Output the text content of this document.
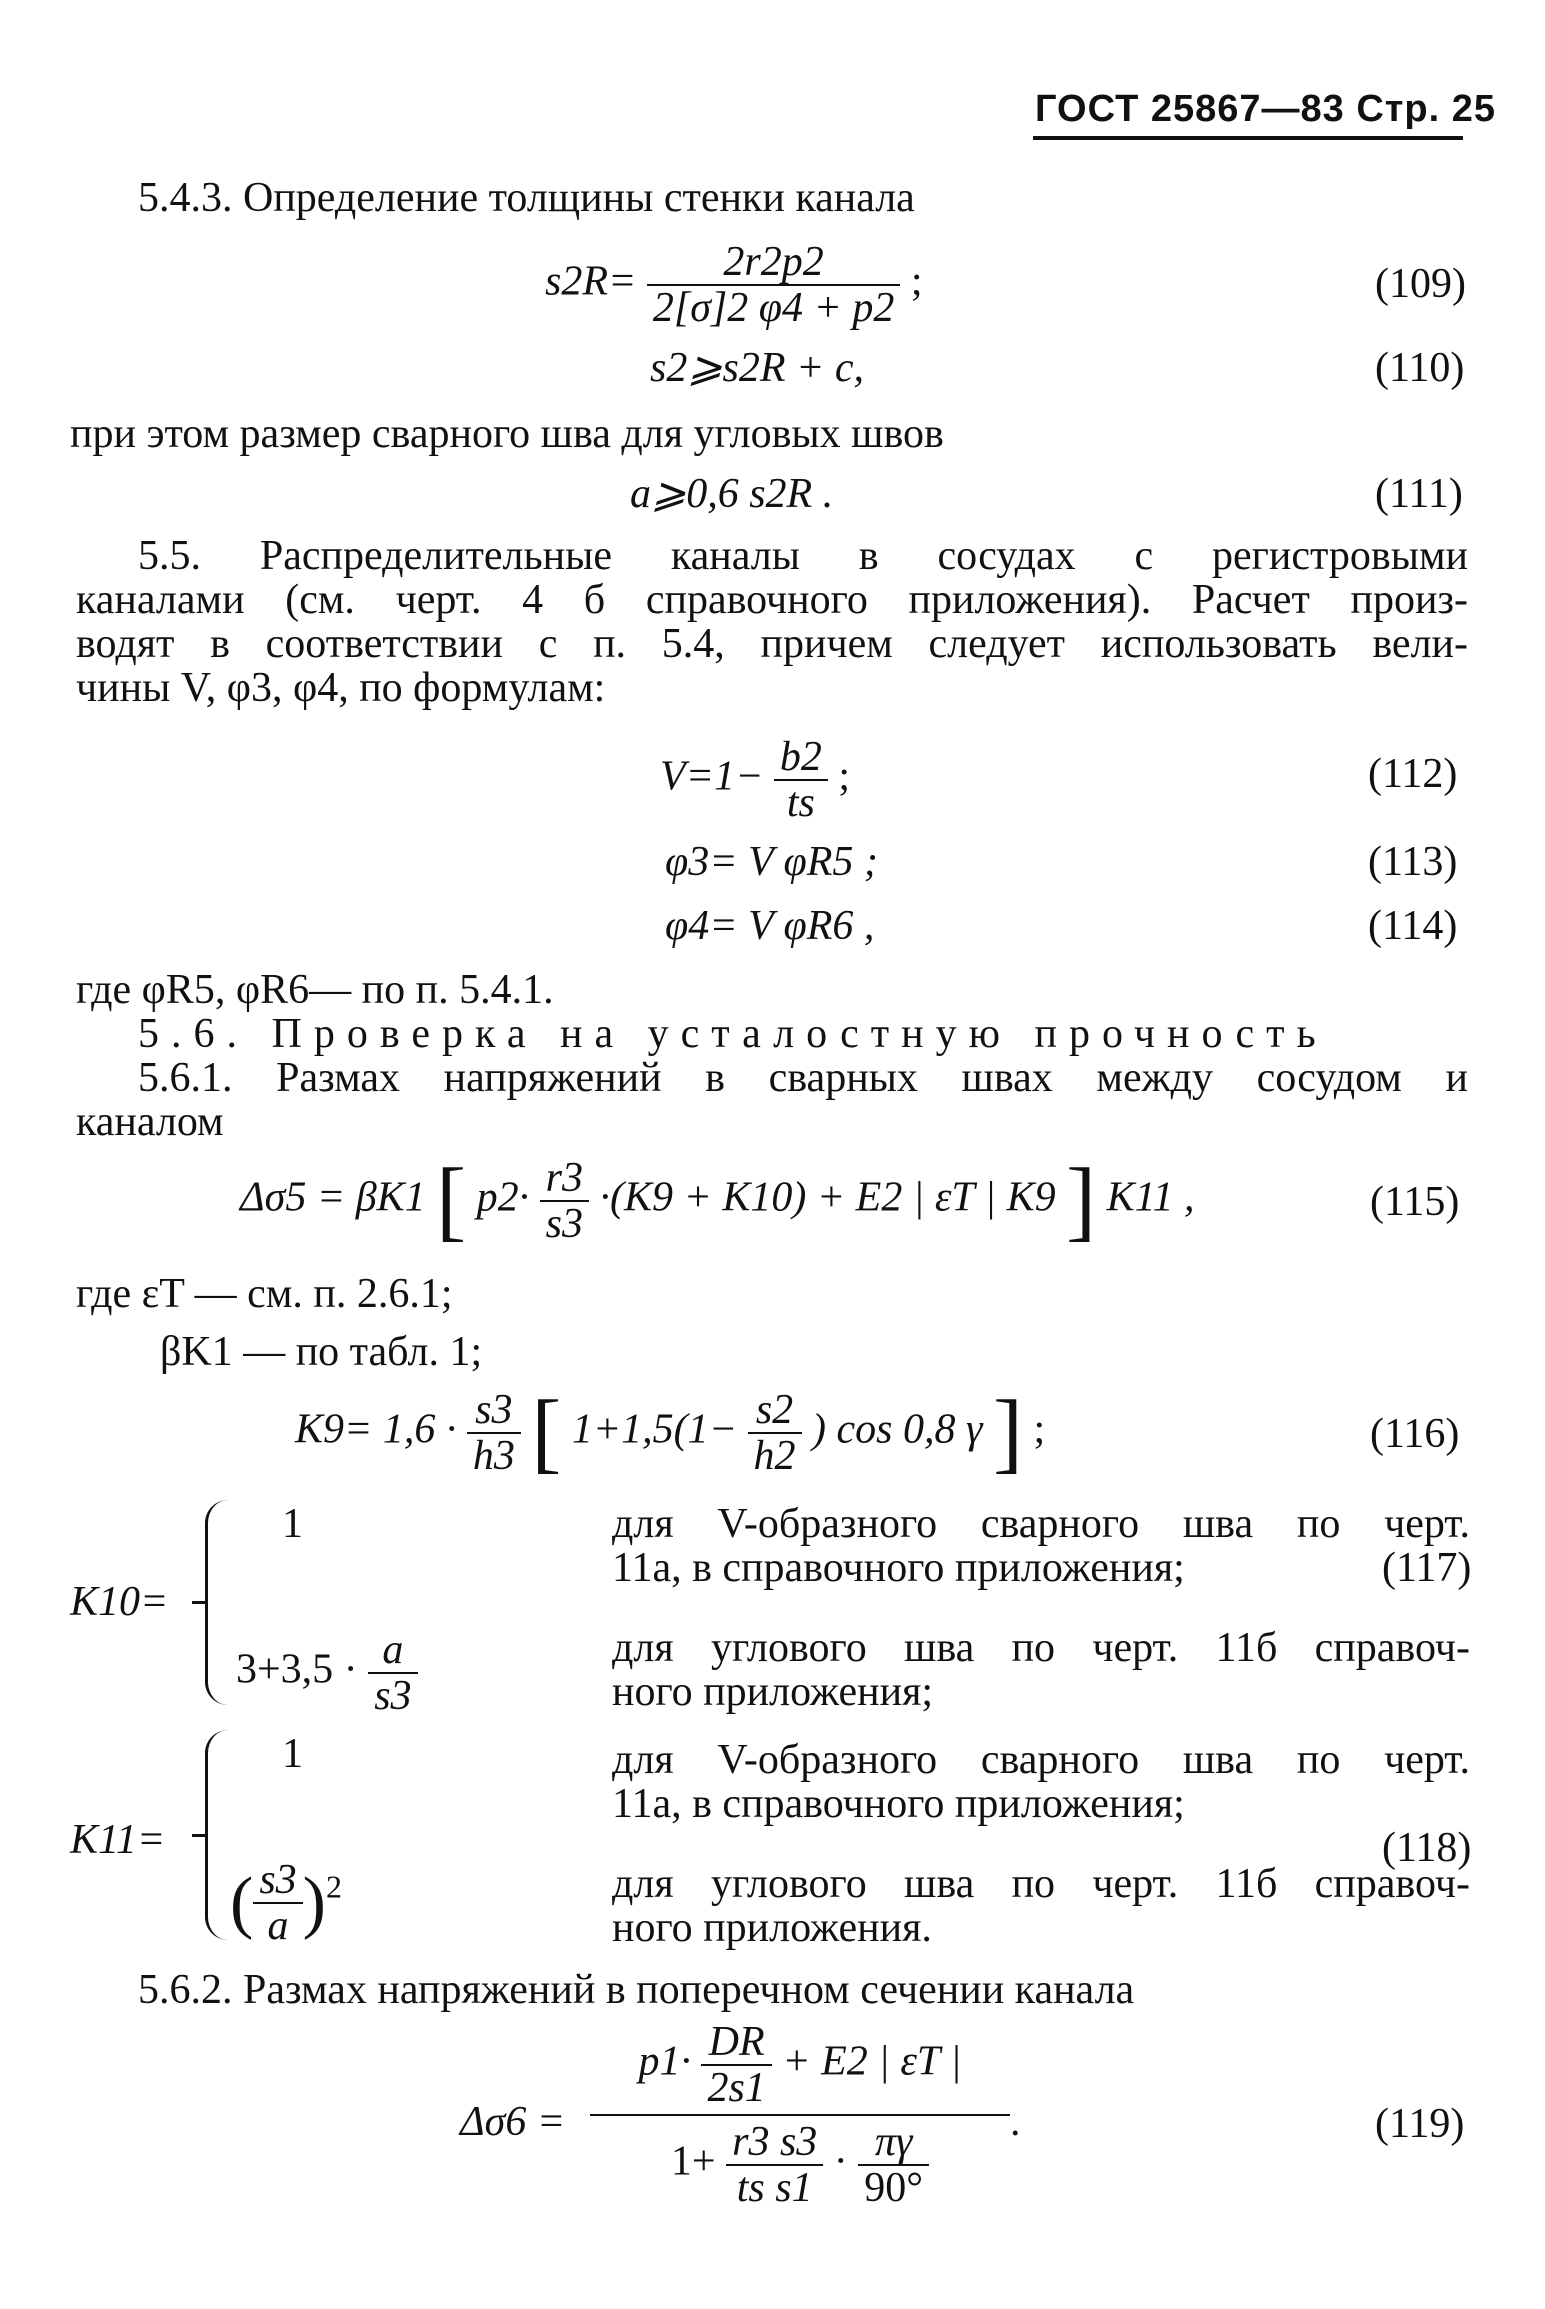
ГОСТ 25867—83 Стр. 25
5.4.3. Определение толщины стенки канала
$s2R= \frac{2r2p2}{2[\sigma]2 \varphi 4 + p2}$ ;	(109)
s2⩾s2R + c,	(110)
при этом размер сварного шва для угловых швов
a⩾0,6 s2R .	(111)
5.5. Распределительные каналы в сосудах с регистровыми
каналами (см. черт. 4 б справочного приложения). Расчет произ-
водят в соответствии с п. 5.4, причем следует использовать вели-
чины V, φ3, φ4, по формулам:
$V=1- \frac{b2}{ts}$ ;	(112)
φ3= V φR5 ;	(113)
φ4= V φR6 ,	(114)
где φR5, φR6— по п. 5.4.1.
5.6. Проверка на усталостную прочность
5.6.1. Размах напряжений в сварных швах между сосудом и
каналом
Δσ5 = βK1 [ $p2\cdot \frac{r3}{s3} \cdot(K9 + K10) + E2$ | εT | K9 ] K11 ,	(115)
где εT — см. п. 2.6.1;
βK1 — по табл. 1;
$K9= 1,6 \cdot \frac{s3}{h3}$ [ $1+1,5(1- \frac{s2}{h2}$ ) cos 0,8 γ ] ;	(116)
K10=
1	для V-образного сварного шва по черт.
11а, в справочного приложения;	(117)
$3+3,5 \cdot \frac{a}{s3}$	для углового шва по черт. 11б справоч-
ного приложения;
K11=
1	для V-образного сварного шва по черт.
11а, в справочного приложения;
(118)
( $\frac{s3}{a} )^2$	для углового шва по черт. 11б справоч-
ного приложения.
5.6.2. Размах напряжений в поперечном сечении канала
Δσ6 =
$p1\cdot \frac{DR}{2s1} + E2$ | εT |
$1+ \frac{r3 s3}{\text{ts s1}} \cdot \frac{\pi\gamma}{90^\circ}$ .	(119)
